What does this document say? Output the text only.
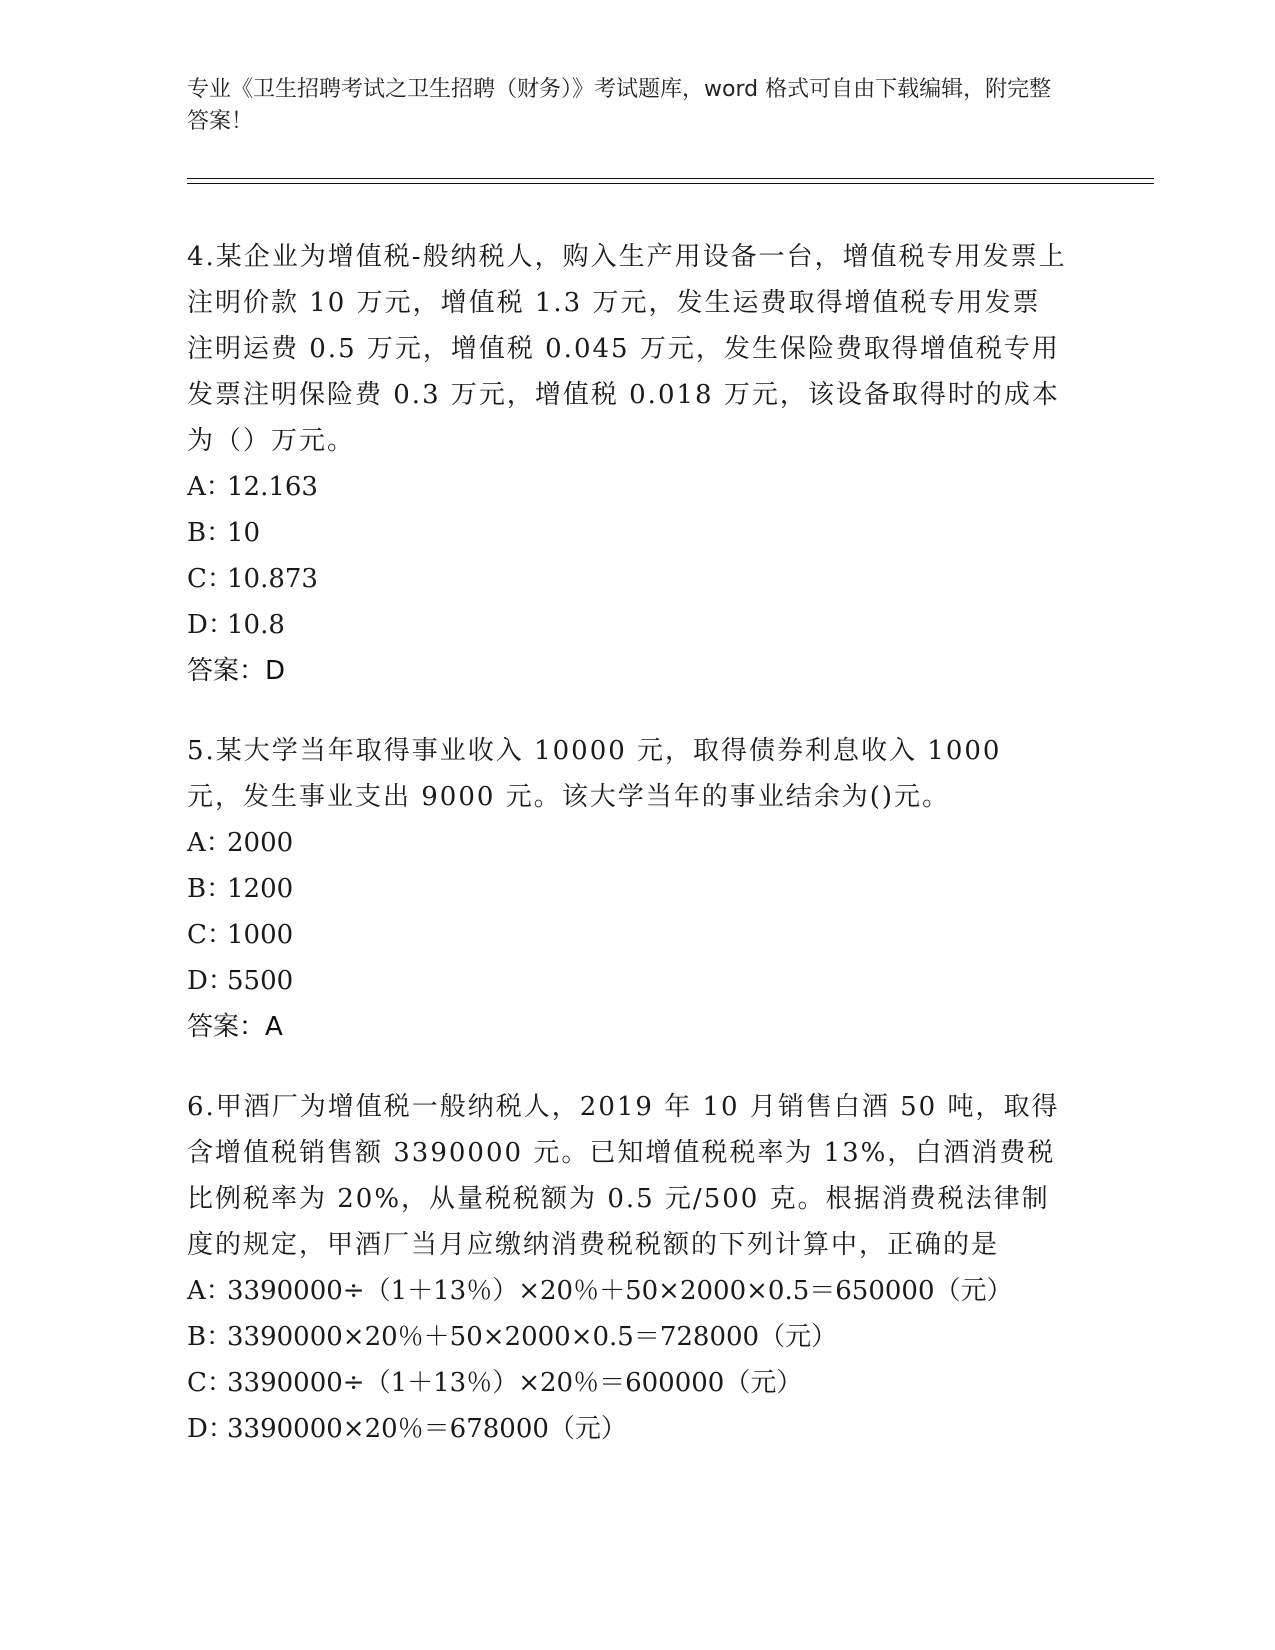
专业《卫生招聘考试之卫生招聘（财务）》考试题库，word 格式可自由下载编辑，附完整答案！

4.某企业为增值税-般纳税人，购入生产用设备一台，增值税专用发票上注明价款 10 万元，增值税 1.3 万元，发生运费取得增值税专用发票注明运费 0.5 万元，增值税 0.045 万元，发生保险费取得增值税专用发票注明保险费 0.3 万元，增值税 0.018 万元，该设备取得时的成本为（）万元。

A：12.163

B：10

C：10.873

D：10.8

答案：D

5.某大学当年取得事业收入 10000 元，取得债券利息收入 1000 元，发生事业支出 9000 元。该大学当年的事业结余为()元。

A：2000

B：1200

C：1000

D：5500

答案：A

6.甲酒厂为增值税一般纳税人，2019 年 10 月销售白酒 50 吨，取得含增值税销售额 3390000 元。已知增值税税率为 13%，白酒消费税比例税率为 20%，从量税税额为 0.5 元/500 克。根据消费税法律制度的规定，甲酒厂当月应缴纳消费税税额的下列计算中，正确的是

A：3390000÷（1＋13％）×20％＋50×2000×0.5＝650000（元）

B：3390000×20％＋50×2000×0.5＝728000（元）

C：3390000÷（1＋13％）×20％＝600000（元）

D：3390000×20％＝678000（元）
